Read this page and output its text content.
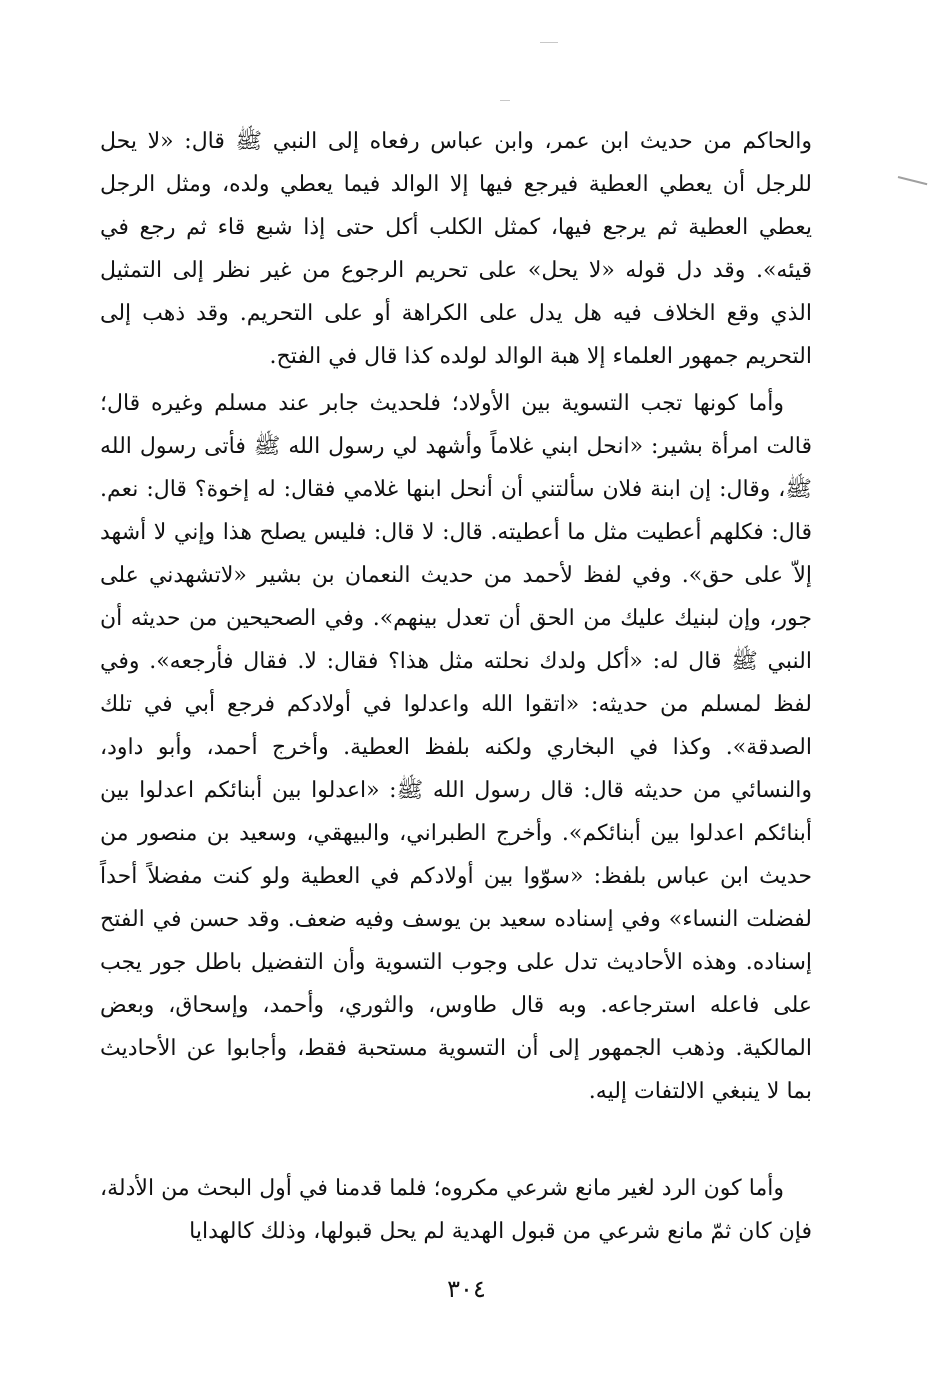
والحاكم من حديث ابن عمر، وابن عباس رفعاه إلى النبي ﷺ قال: «لا يحل للرجل أن يعطي العطية فيرجع فيها إلا الوالد فيما يعطي ولده، ومثل الرجل يعطي العطية ثم يرجع فيها، كمثل الكلب أكل حتى إذا شبع قاء ثم رجع في قيئه». وقد دل قوله «لا يحل» على تحريم الرجوع من غير نظر إلى التمثيل الذي وقع الخلاف فيه هل يدل على الكراهة أو على التحريم. وقد ذهب إلى التحريم جمهور العلماء إلا هبة الوالد لولده كذا قال في الفتح.

وأما كونها تجب التسوية بين الأولاد؛ فلحديث جابر عند مسلم وغيره قال؛ قالت امرأة بشير: «انحل ابني غلاماً وأشهد لي رسول الله ﷺ فأتى رسول الله ﷺ، وقال: إن ابنة فلان سألتني أن أنحل ابنها غلامي فقال: له إخوة؟ قال: نعم. قال: فكلهم أعطيت مثل ما أعطيته. قال: لا قال: فليس يصلح هذا وإني لا أشهد إلاّ على حق». وفي لفظ لأحمد من حديث النعمان بن بشير «لاتشهدني على جور، وإن لبنيك عليك من الحق أن تعدل بينهم». وفي الصحيحين من حديثه أن النبي ﷺ قال له: «أكل ولدك نحلته مثل هذا؟ فقال: لا. فقال فأرجعه». وفي لفظ لمسلم من حديثه: «اتقوا الله واعدلوا في أولادكم فرجع أبي في تلك الصدقة». وكذا في البخاري ولكنه بلفظ العطية. وأخرج أحمد، وأبو داود، والنسائي من حديثه قال: قال رسول الله ﷺ: «اعدلوا بين أبنائكم اعدلوا بين أبنائكم اعدلوا بين أبنائكم». وأخرج الطبراني، والبيهقي، وسعيد بن منصور من حديث ابن عباس بلفظ: «سوّوا بين أولادكم في العطية ولو كنت مفضلاً أحداً لفضلت النساء» وفي إسناده سعيد بن يوسف وفيه ضعف. وقد حسن في الفتح إسناده. وهذه الأحاديث تدل على وجوب التسوية وأن التفضيل باطل جور يجب على فاعله استرجاعه. وبه قال طاوس، والثوري، وأحمد، وإسحاق، وبعض المالكية. وذهب الجمهور إلى أن التسوية مستحبة فقط، وأجابوا عن الأحاديث بما لا ينبغي الالتفات إليه.

وأما كون الرد لغير مانع شرعي مكروه؛ فلما قدمنا في أول البحث من الأدلة، فإن كان ثمّ مانع شرعي من قبول الهدية لم يحل قبولها، وذلك كالهدايا

٣٠٤
